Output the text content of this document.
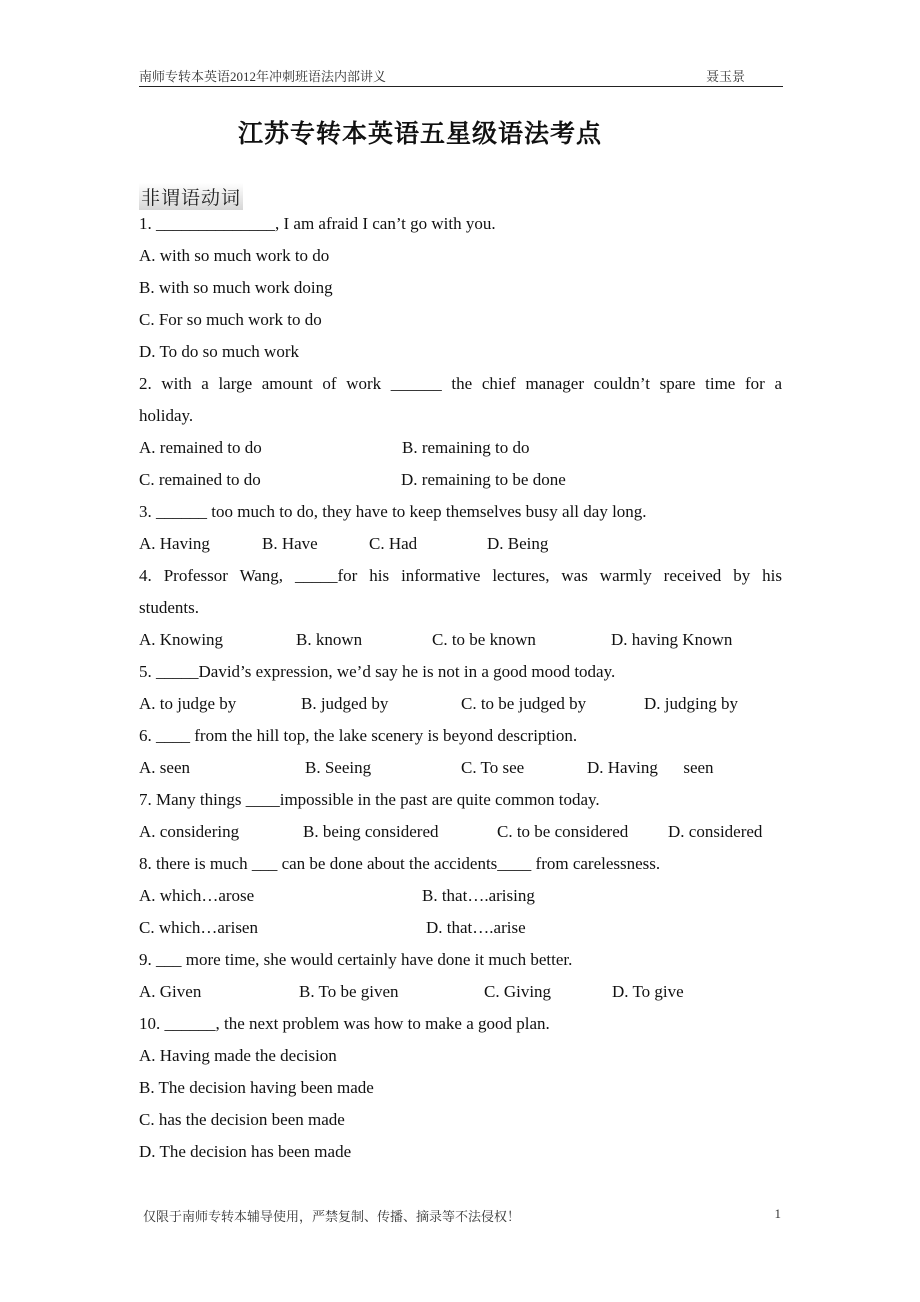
南师专转本英语2012年冲刺班语法内部讲义	聂玉景
江苏专转本英语五星级语法考点
非谓语动词
1. ______________, I am afraid I can’t go with you.
A. with so much work to do
B. with so much work doing
C. For so much work to do
D. To do so much work
2. with a large amount of work ______ the chief manager couldn’t spare time for a
holiday.
A. remained to do	B. remaining to do
C. remained to do	D. remaining to be done
3. ______ too much to do, they have to keep themselves busy all day long.
A. Having	B. Have	C. Had	D. Being
4. Professor Wang, _____for his informative lectures, was warmly received by his
students.
A. Knowing	B. known	C. to be known	D. having Known
5. _____David’s expression, we’d say he is not in a good mood today.
A. to judge by	B. judged by	C. to be judged by	D. judging by
6. ____ from the hill top, the lake scenery is beyond description.
A. seen	B. Seeing	C. To see	D. Having      seen
7. Many things ____impossible in the past are quite common today.
A. considering	B. being considered	C. to be considered D. considered
8. there is much ___ can be done about the accidents____ from carelessness.
A. which…arose	B. that….arising
C. which…arisen	D. that….arise
9. ___ more time, she would certainly have done it much better.
A. Given	B. To be given	C. Giving	D. To give
10. ______, the next problem was how to make a good plan.
A. Having made the decision
B. The decision having been made
C. has the decision been made
D. The decision has been made
仅限于南师专转本辅导使用，严禁复制、传播、摘录等不法侵权！	1
